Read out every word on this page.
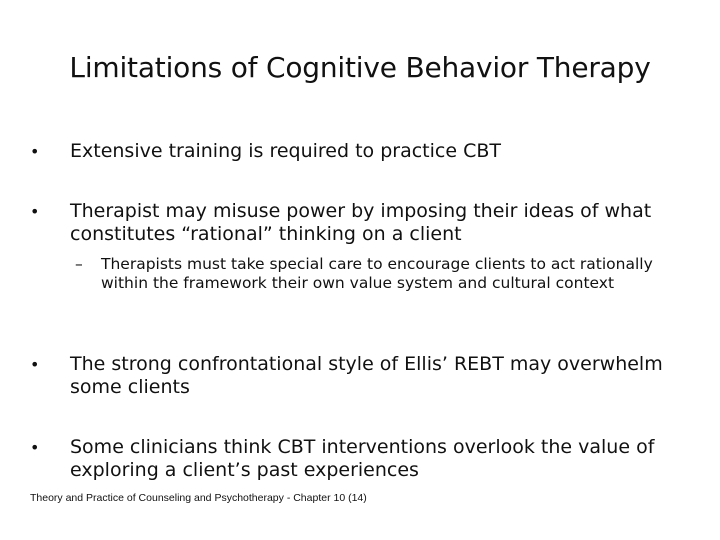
Limitations of Cognitive Behavior Therapy
•	Extensive training is required to practice CBT
•	Therapist may misuse power by imposing their ideas of what constitutes “rational” thinking on a client
–	Therapists must take special care to encourage clients to act rationally within the framework their own value system and cultural context
•	The strong confrontational style of Ellis’ REBT may overwhelm some clients
•	Some clinicians think CBT interventions overlook the value of exploring a client’s past experiences
Theory and Practice of Counseling and Psychotherapy - Chapter 10 (14)
